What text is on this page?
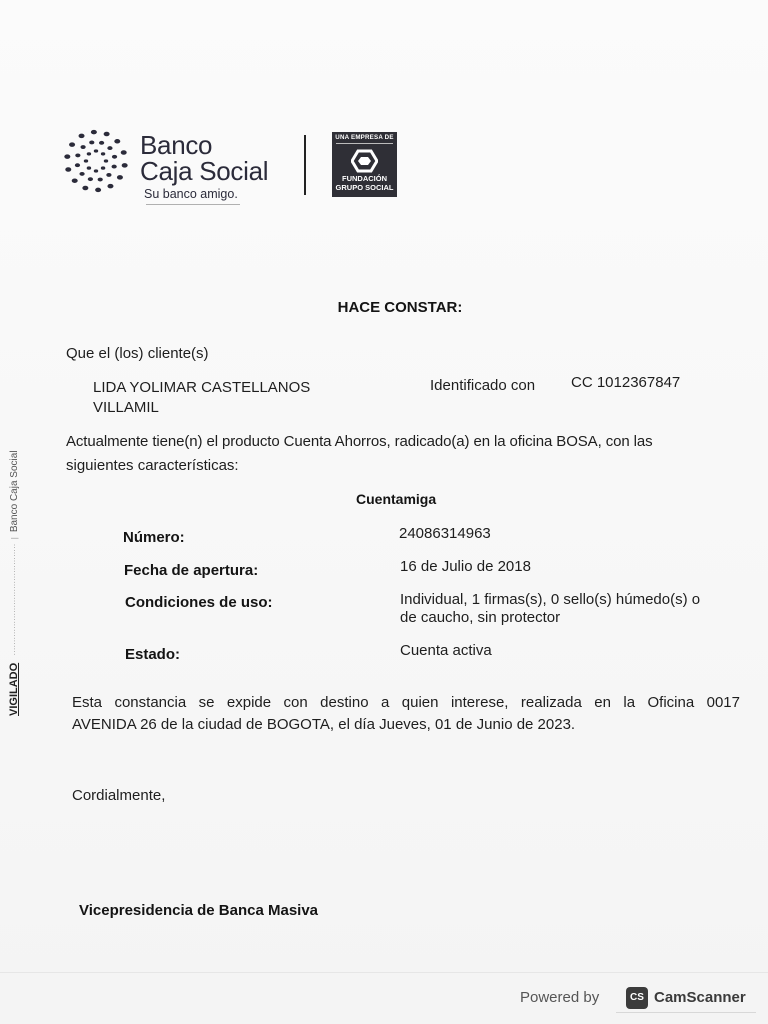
Banco
Caja Social
Su banco amigo.
UNA EMPRESA DE
FUNDACIÓN
GRUPO SOCIAL
VIGILADO   ··········································  |  Banco Caja Social
HACE CONSTAR:
Que el (los) cliente(s)
LIDA YOLIMAR CASTELLANOS
VILLAMIL
Identificado con CC 1012367847
Actualmente tiene(n) el producto Cuenta Ahorros, radicado(a) en la oficina BOSA, con las
siguientes características:
Cuentamiga
Número:	24086314963
Fecha de apertura:	16 de Julio de 2018
Condiciones de uso:	Individual, 1 firmas(s), 0 sello(s) húmedo(s) o
de caucho, sin protector
Estado:	Cuenta activa
Esta constancia se expide con destino a quien interese, realizada en la Oficina 0017
AVENIDA 26 de la ciudad de BOGOTA, el día Jueves, 01 de Junio de 2023.
Cordialmente,
Vicepresidencia de Banca Masiva
Powered by	CS CamScanner
